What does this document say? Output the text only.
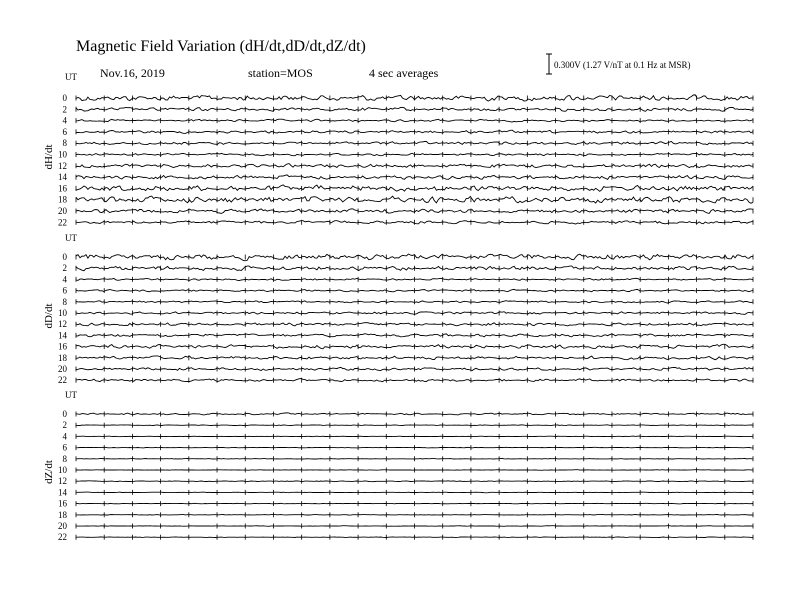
Magnetic Field Variation (dH/dt,dD/dt,dZ/dt)
Nov.16, 2019	station=MOS	4 sec averages
0.300V (1.27 V/nT at 0.1 Hz at MSR)
UT
dH/dt
0
2
4
6
8
10
12
14
16
18
20
22
UT
dD/dt
0
2
4
6
8
10
12
14
16
18
20
22
UT
dZ/dt
0
2
4
6
8
10
12
14
16
18
20
22
